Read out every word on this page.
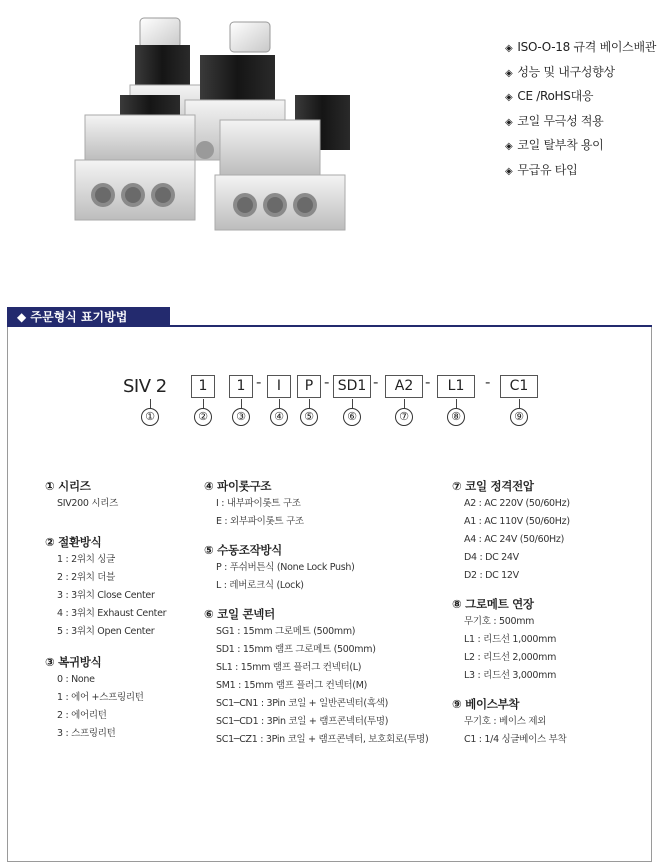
◈ ISO-O-18 규격 베이스배관
◈ 성능 및 내구성향상
◈ CE /RoHS대응
◈ 코일 무극성 적용
◈ 코일 탈부착 용이
◈ 무급유 타입
◆ 주문형식 표기방법
SIV 2
①
1
②
1
③
-	I
④
P
⑤
- SD1
⑥
-	A2
⑦
-	L1
⑧
-	C1
⑨
① 시리즈
SIV200 시리즈
② 절환방식
1 : 2위치 싱글
2 : 2위치 더블
3 : 3위치 Close Center
4 : 3위치 Exhaust Center
5 : 3위치 Open Center
③ 복귀방식
0 : None
1 : 에어 +스프링리턴
2 : 에어리턴
3 : 스프링리턴
④ 파이롯구조
I : 내부파이롯트 구조
E : 외부파이롯트 구조
⑤ 수동조작방식
P : 푸쉬버튼식 (None Lock Push)
L : 레버로크식 (Lock)
⑥ 코일 콘넥터
SG1 : 15mm 그로메트 (500mm)
SD1 : 15mm 램프 그로메트 (500mm)
SL1 : 15mm 램프 플러그 컨넥터(L)
SM1 : 15mm 램프 플러그 컨넥터(M)
SC1─CN1 : 3Pin 코일 + 일반콘넥터(흑색)
SC1─CD1 : 3Pin 코일 + 램프콘넥터(투명)
SC1─CZ1 : 3Pin 코일 + 램프콘넥터, 보호회로(투명)
⑦ 코일 정격전압
A2 : AC 220V (50/60Hz)
A1 : AC 110V (50/60Hz)
A4 : AC 24V (50/60Hz)
D4 : DC 24V
D2 : DC 12V
⑧ 그로메트 연장
무기호 : 500mm
L1 : 리드선 1,000mm
L2 : 리드선 2,000mm
L3 : 리드선 3,000mm
⑨ 베이스부착
무기호 : 베이스 제외
C1 : 1/4 싱글베이스 부착
